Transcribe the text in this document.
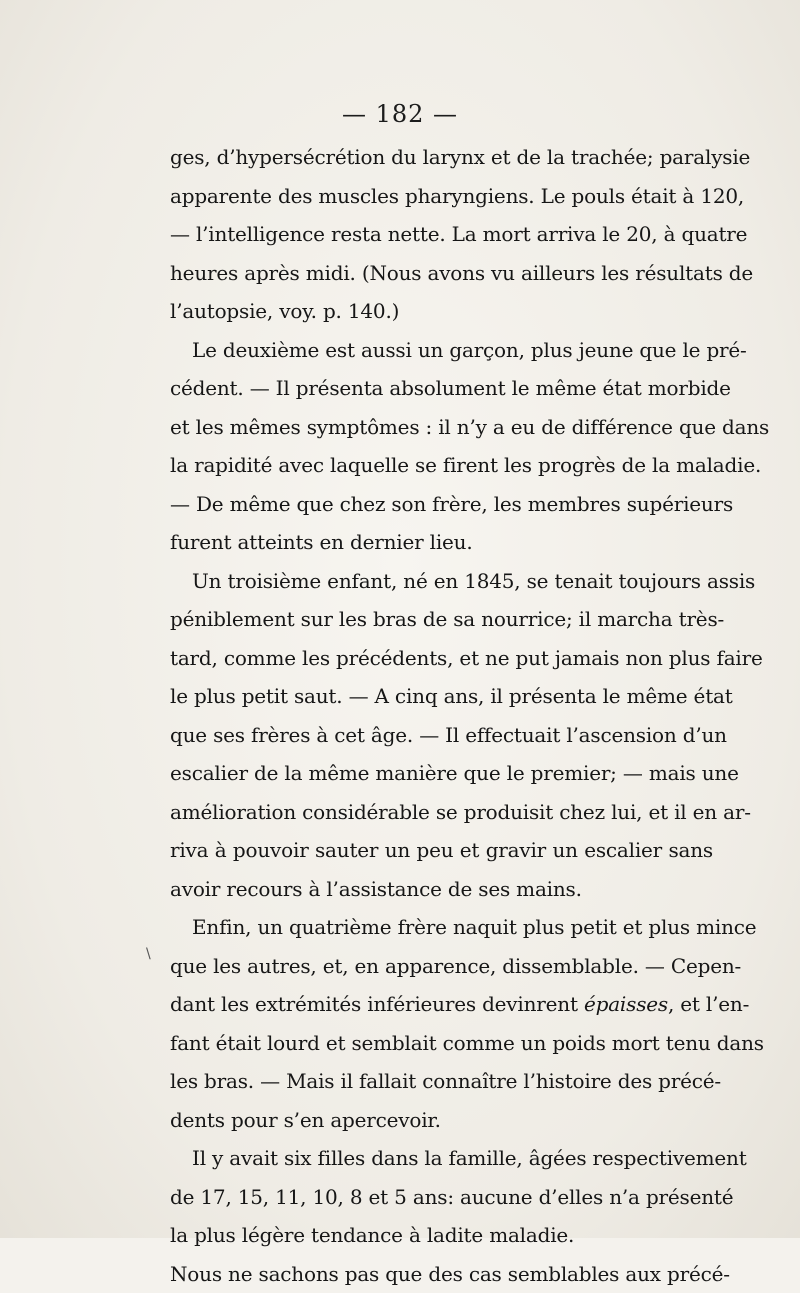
— 182 —
ges, d’hypersécrétion du larynx et de la trachée; paralysie
apparente des muscles pharyngiens. Le pouls était à 120,
— l’intelligence resta nette. La mort arriva le 20, à quatre
heures après midi. (Nous avons vu ailleurs les résultats de
l’autopsie, voy. p. 140.)
Le deuxième est aussi un garçon, plus jeune que le pré-
cédent. — Il présenta absolument le même état morbide
et les mêmes symptômes : il n’y a eu de différence que dans
la rapidité avec laquelle se firent les progrès de la maladie.
— De même que chez son frère, les membres supérieurs
furent atteints en dernier lieu.
Un troisième enfant, né en 1845, se tenait toujours assis
péniblement sur les bras de sa nourrice; il marcha très-
tard, comme les précédents, et ne put jamais non plus faire
le plus petit saut. — A cinq ans, il présenta le même état
que ses frères à cet âge. — Il effectuait l’ascension d’un
escalier de la même manière que le premier; — mais une
amélioration considérable se produisit chez lui, et il en ar-
riva à pouvoir sauter un peu et gravir un escalier sans
avoir recours à l’assistance de ses mains.
Enfin, un quatrième frère naquit plus petit et plus mince
que les autres, et, en apparence, dissemblable. — Cepen-
dant les extrémités inférieures devinrent épaisses, et l’en-
fant était lourd et semblait comme un poids mort tenu dans
les bras. — Mais il fallait connaître l’histoire des précé-
dents pour s’en apercevoir.
Il y avait six filles dans la famille, âgées respectivement
de 17, 15, 11, 10, 8 et 5 ans: aucune d’elles n’a présenté
la plus légère tendance à ladite maladie.
Nous ne sachons pas que des cas semblables aux précé-
\
